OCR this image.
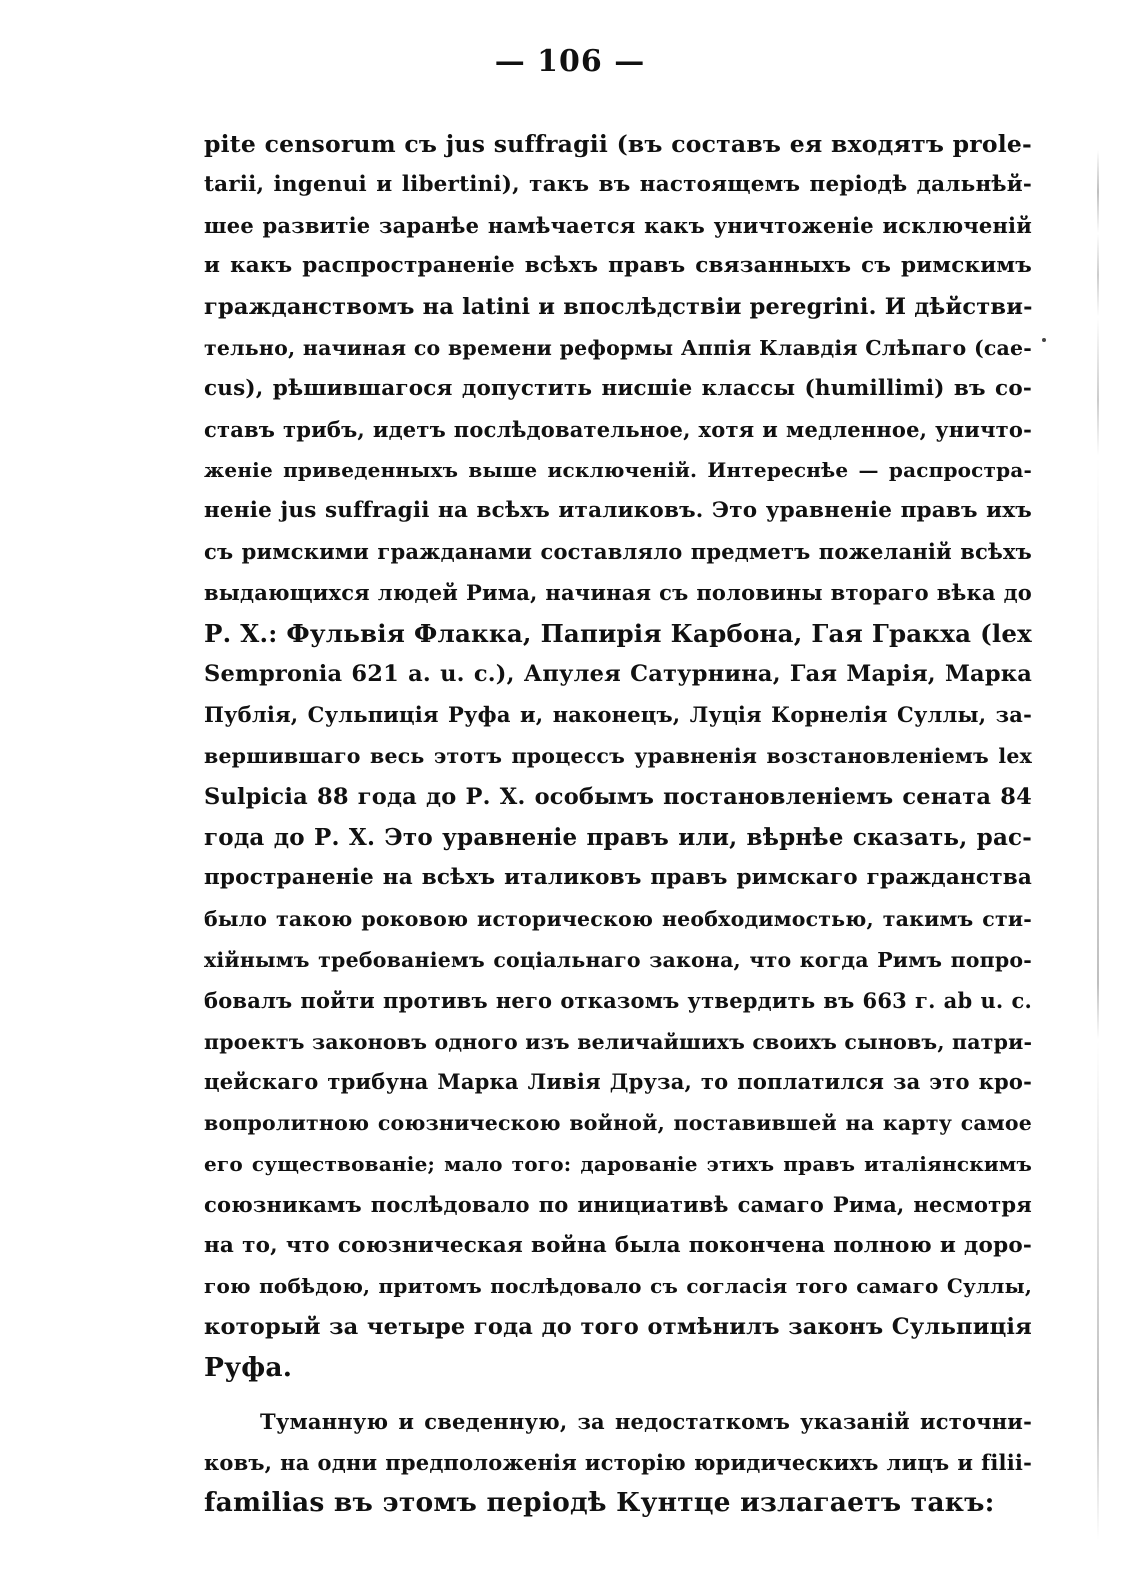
— 106 —
pite censorum съ jus suffragii (въ составъ ея входятъ prole-
tarii, ingenui и libertini), такъ въ настоящемъ періодѣ дальнѣй-
шее развитіе заранѣе намѣчается какъ уничтоженіе исключеній
и какъ распространеніе всѣхъ правъ связанныхъ съ римскимъ
гражданствомъ на latini и впослѣдствіи peregrini. И дѣйстви-
тельно, начиная со времени реформы Аппія Клавдія Слѣпаго (cae-
cus), рѣшившагося допустить нисшіе классы (humillimi) въ со-
ставъ трибъ, идетъ послѣдовательное, хотя и медленное, уничто-
женіе приведенныхъ выше исключеній. Интереснѣе — распростра-
неніе jus suffragii на всѣхъ италиковъ. Это уравненіе правъ ихъ
съ римскими гражданами составляло предметъ пожеланій всѣхъ
выдающихся людей Рима, начиная съ половины втораго вѣка до
Р. Х.: Фульвія Флакка, Папирія Карбона, Гая Гракха (lex
Sempronia 621 a. u. c.), Апулея Сатурнина, Гая Марія, Марка
Публія, Сульпиція Руфа и, наконецъ, Луція Корнелія Суллы, за-
вершившаго весь этотъ процессъ уравненія возстановленіемъ lex
Sulpicia 88 года до Р. Х. особымъ постановленіемъ сената 84
года до Р. Х. Это уравненіе правъ или, вѣрнѣе сказать, рас-
пространеніе на всѣхъ италиковъ правъ римскаго гражданства
было такою роковою историческою необходимостью, такимъ сти-
хійнымъ требованіемъ соціальнаго закона, что когда Римъ попро-
бовалъ пойти противъ него отказомъ утвердить въ 663 г. ab u. c.
проектъ законовъ одного изъ величайшихъ своихъ сыновъ, патри-
цейскаго трибуна Марка Ливія Друза, то поплатился за это кро-
вопролитною союзническою войной, поставившей на карту самое
его существованіе; мало того: дарованіе этихъ правъ италіянскимъ
союзникамъ послѣдовало по инициативѣ самаго Рима, несмотря
на то, что союзническая война была покончена полною и доро-
гою побѣдою, притомъ послѣдовало съ согласія того самаго Суллы,
который за четыре года до того отмѣнилъ законъ Сульпиція
Руфа.
Туманную и сведенную, за недостаткомъ указаній источни-
ковъ, на одни предположенія исторію юридическихъ лицъ и filii-
familias въ этомъ періодѣ Кунтце излагаетъ такъ:
